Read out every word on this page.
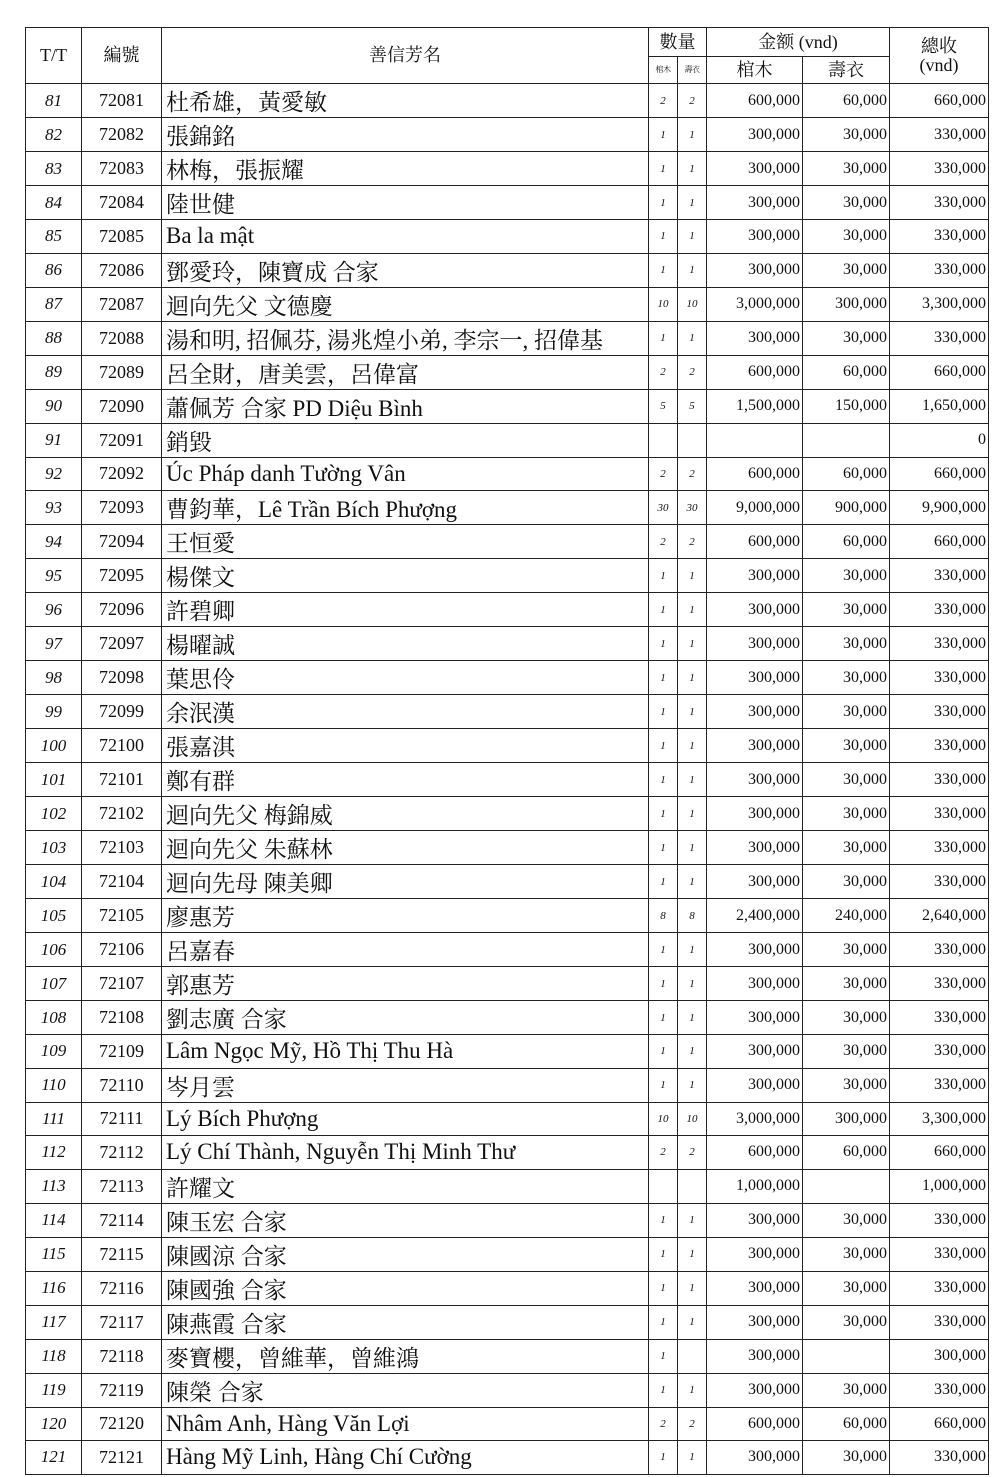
T/T	編號	善信芳名	數量		金额 (vnd)		總收
(vnd)

			棺木	壽衣	棺木	壽衣	
81	72081	杜希雄，黃愛敏	2	2	600,000	60,000	660,000
82	72082	張錦銘	1	1	300,000	30,000	330,000
83	72083	林梅，張振耀	1	1	300,000	30,000	330,000
84	72084	陸世健	1	1	300,000	30,000	330,000
85	72085	Ba la mật	1	1	300,000	30,000	330,000
86	72086	鄧愛玲，陳寶成 合家	1	1	300,000	30,000	330,000
87	72087	迴向先父 文德慶	10	10	3,000,000	300,000	3,300,000
88	72088	湯和明, 招佩芬, 湯兆煌小弟, 李宗一, 招偉基	1	1	300,000	30,000	330,000
89	72089	呂全財，唐美雲，呂偉富	2	2	600,000	60,000	660,000
90	72090	蕭佩芳 合家 PD Diệu Bình	5	5	1,500,000	150,000	1,650,000
91	72091	銷毀					0
92	72092	Úc Pháp danh Tường Vân	2	2	600,000	60,000	660,000
93	72093	曹鈞華，Lê Trần Bích Phượng	30	30	9,000,000	900,000	9,900,000
94	72094	王恒愛	2	2	600,000	60,000	660,000
95	72095	楊傑文	1	1	300,000	30,000	330,000
96	72096	許碧卿	1	1	300,000	30,000	330,000
97	72097	楊曜誠	1	1	300,000	30,000	330,000
98	72098	葉思伶	1	1	300,000	30,000	330,000
99	72099	余泯漢	1	1	300,000	30,000	330,000
100	72100	張嘉淇	1	1	300,000	30,000	330,000
101	72101	鄭有群	1	1	300,000	30,000	330,000
102	72102	迴向先父 梅錦威	1	1	300,000	30,000	330,000
103	72103	迴向先父 朱蘇林	1	1	300,000	30,000	330,000
104	72104	迴向先母 陳美卿	1	1	300,000	30,000	330,000
105	72105	廖惠芳	8	8	2,400,000	240,000	2,640,000
106	72106	呂嘉春	1	1	300,000	30,000	330,000
107	72107	郭惠芳	1	1	300,000	30,000	330,000
108	72108	劉志廣 合家	1	1	300,000	30,000	330,000
109	72109	Lâm Ngọc Mỹ, Hồ Thị Thu Hà	1	1	300,000	30,000	330,000
110	72110	岑月雲	1	1	300,000	30,000	330,000
111	72111	Lý Bích Phượng	10	10	3,000,000	300,000	3,300,000
112	72112	Lý Chí Thành, Nguyễn Thị Minh Thư	2	2	600,000	60,000	660,000
113	72113	許耀文			1,000,000		1,000,000
114	72114	陳玉宏 合家	1	1	300,000	30,000	330,000
115	72115	陳國涼 合家	1	1	300,000	30,000	330,000
116	72116	陳國強 合家	1	1	300,000	30,000	330,000
117	72117	陳燕霞 合家	1	1	300,000	30,000	330,000
118	72118	麥寶櫻，曾維華，曾維鴻	1		300,000		300,000
119	72119	陳榮 合家	1	1	300,000	30,000	330,000
120	72120	Nhâm Anh, Hàng Văn Lợi	2	2	600,000	60,000	660,000
121	72121	Hàng Mỹ Linh, Hàng Chí Cường	1	1	300,000	30,000	330,000
